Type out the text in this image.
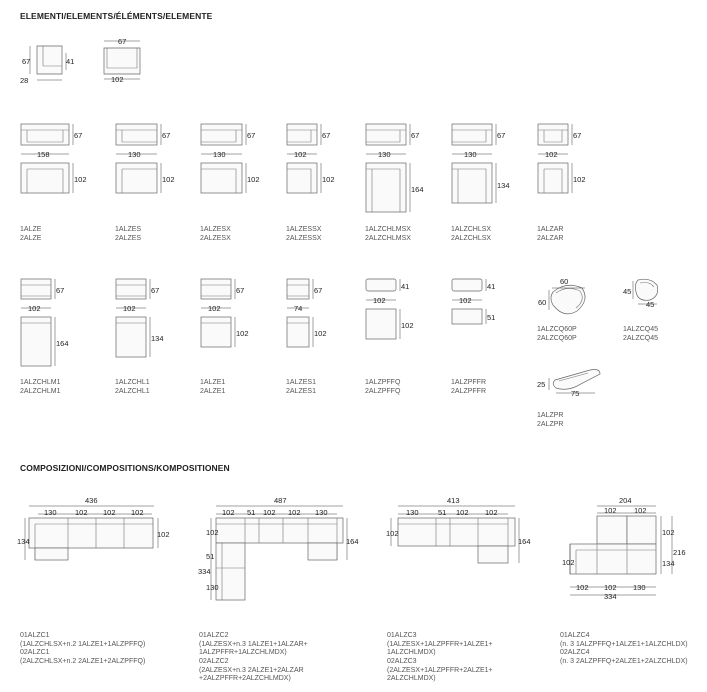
ELEMENTI/ELEMENTS/ÉLÉMENTS/ELEMENTE
COMPOSIZIONI/COMPOSITIONS/KOMPOSITIONEN
67	41
28
67
102
67
158
102
67
130
102
67
130
102
67
102
102
67
130
164
67
130
134
67
102
102
67
102
164
67
102
134
67
102
102
67
74
102
41
102
102
41
102
51
60
60
45
45
25
75
436
130 102 102 102
134
102
487
102 51 102 102 130
334
102
51
130
164
413
130	51 102 102
102
164
204
102 102
102
102
134
216
102 102 130
334
1ALZE
2ALZE
1ALZES
2ALZES
1ALZESX
2ALZESX
1ALZESSX
2ALZESSX
1ALZCHLMSX
2ALZCHLMSX
1ALZCHLSX
2ALZCHLSX
1ALZAR
2ALZAR
1ALZCHLM1
2ALZCHLM1
1ALZCHL1
2ALZCHL1
1ALZE1
2ALZE1
1ALZES1
2ALZES1
1ALZPFFQ
2ALZPFFQ
1ALZPFFR
2ALZPFFR
1ALZCQ60P
2ALZCQ60P
1ALZCQ45
2ALZCQ45
1ALZPR
2ALZPR

01ALZC1
(1ALZCHLSX+n.2 1ALZE1+1ALZPFFQ)
02ALZC1
(2ALZCHLSX+n.2 2ALZE1+2ALZPFFQ)

01ALZC2
(1ALZESX+n.3 1ALZE1+1ALZAR+
1ALZPFFR+1ALZCHLMDX)
02ALZC2
(2ALZESX+n.3 2ALZE1+2ALZAR
+2ALZPFFR+2ALZCHLMDX)

01ALZC3
(1ALZESX+1ALZPFFR+1ALZE1+
1ALZCHLMDX)
02ALZC3
(2ALZESX+1ALZPFFR+2ALZE1+
2ALZCHLMDX)

01ALZC4
(n. 3 1ALZPFFQ+1ALZE1+1ALZCHLDX)
02ALZC4
(n. 3 2ALZPFFQ+2ALZE1+2ALZCHLDX)
